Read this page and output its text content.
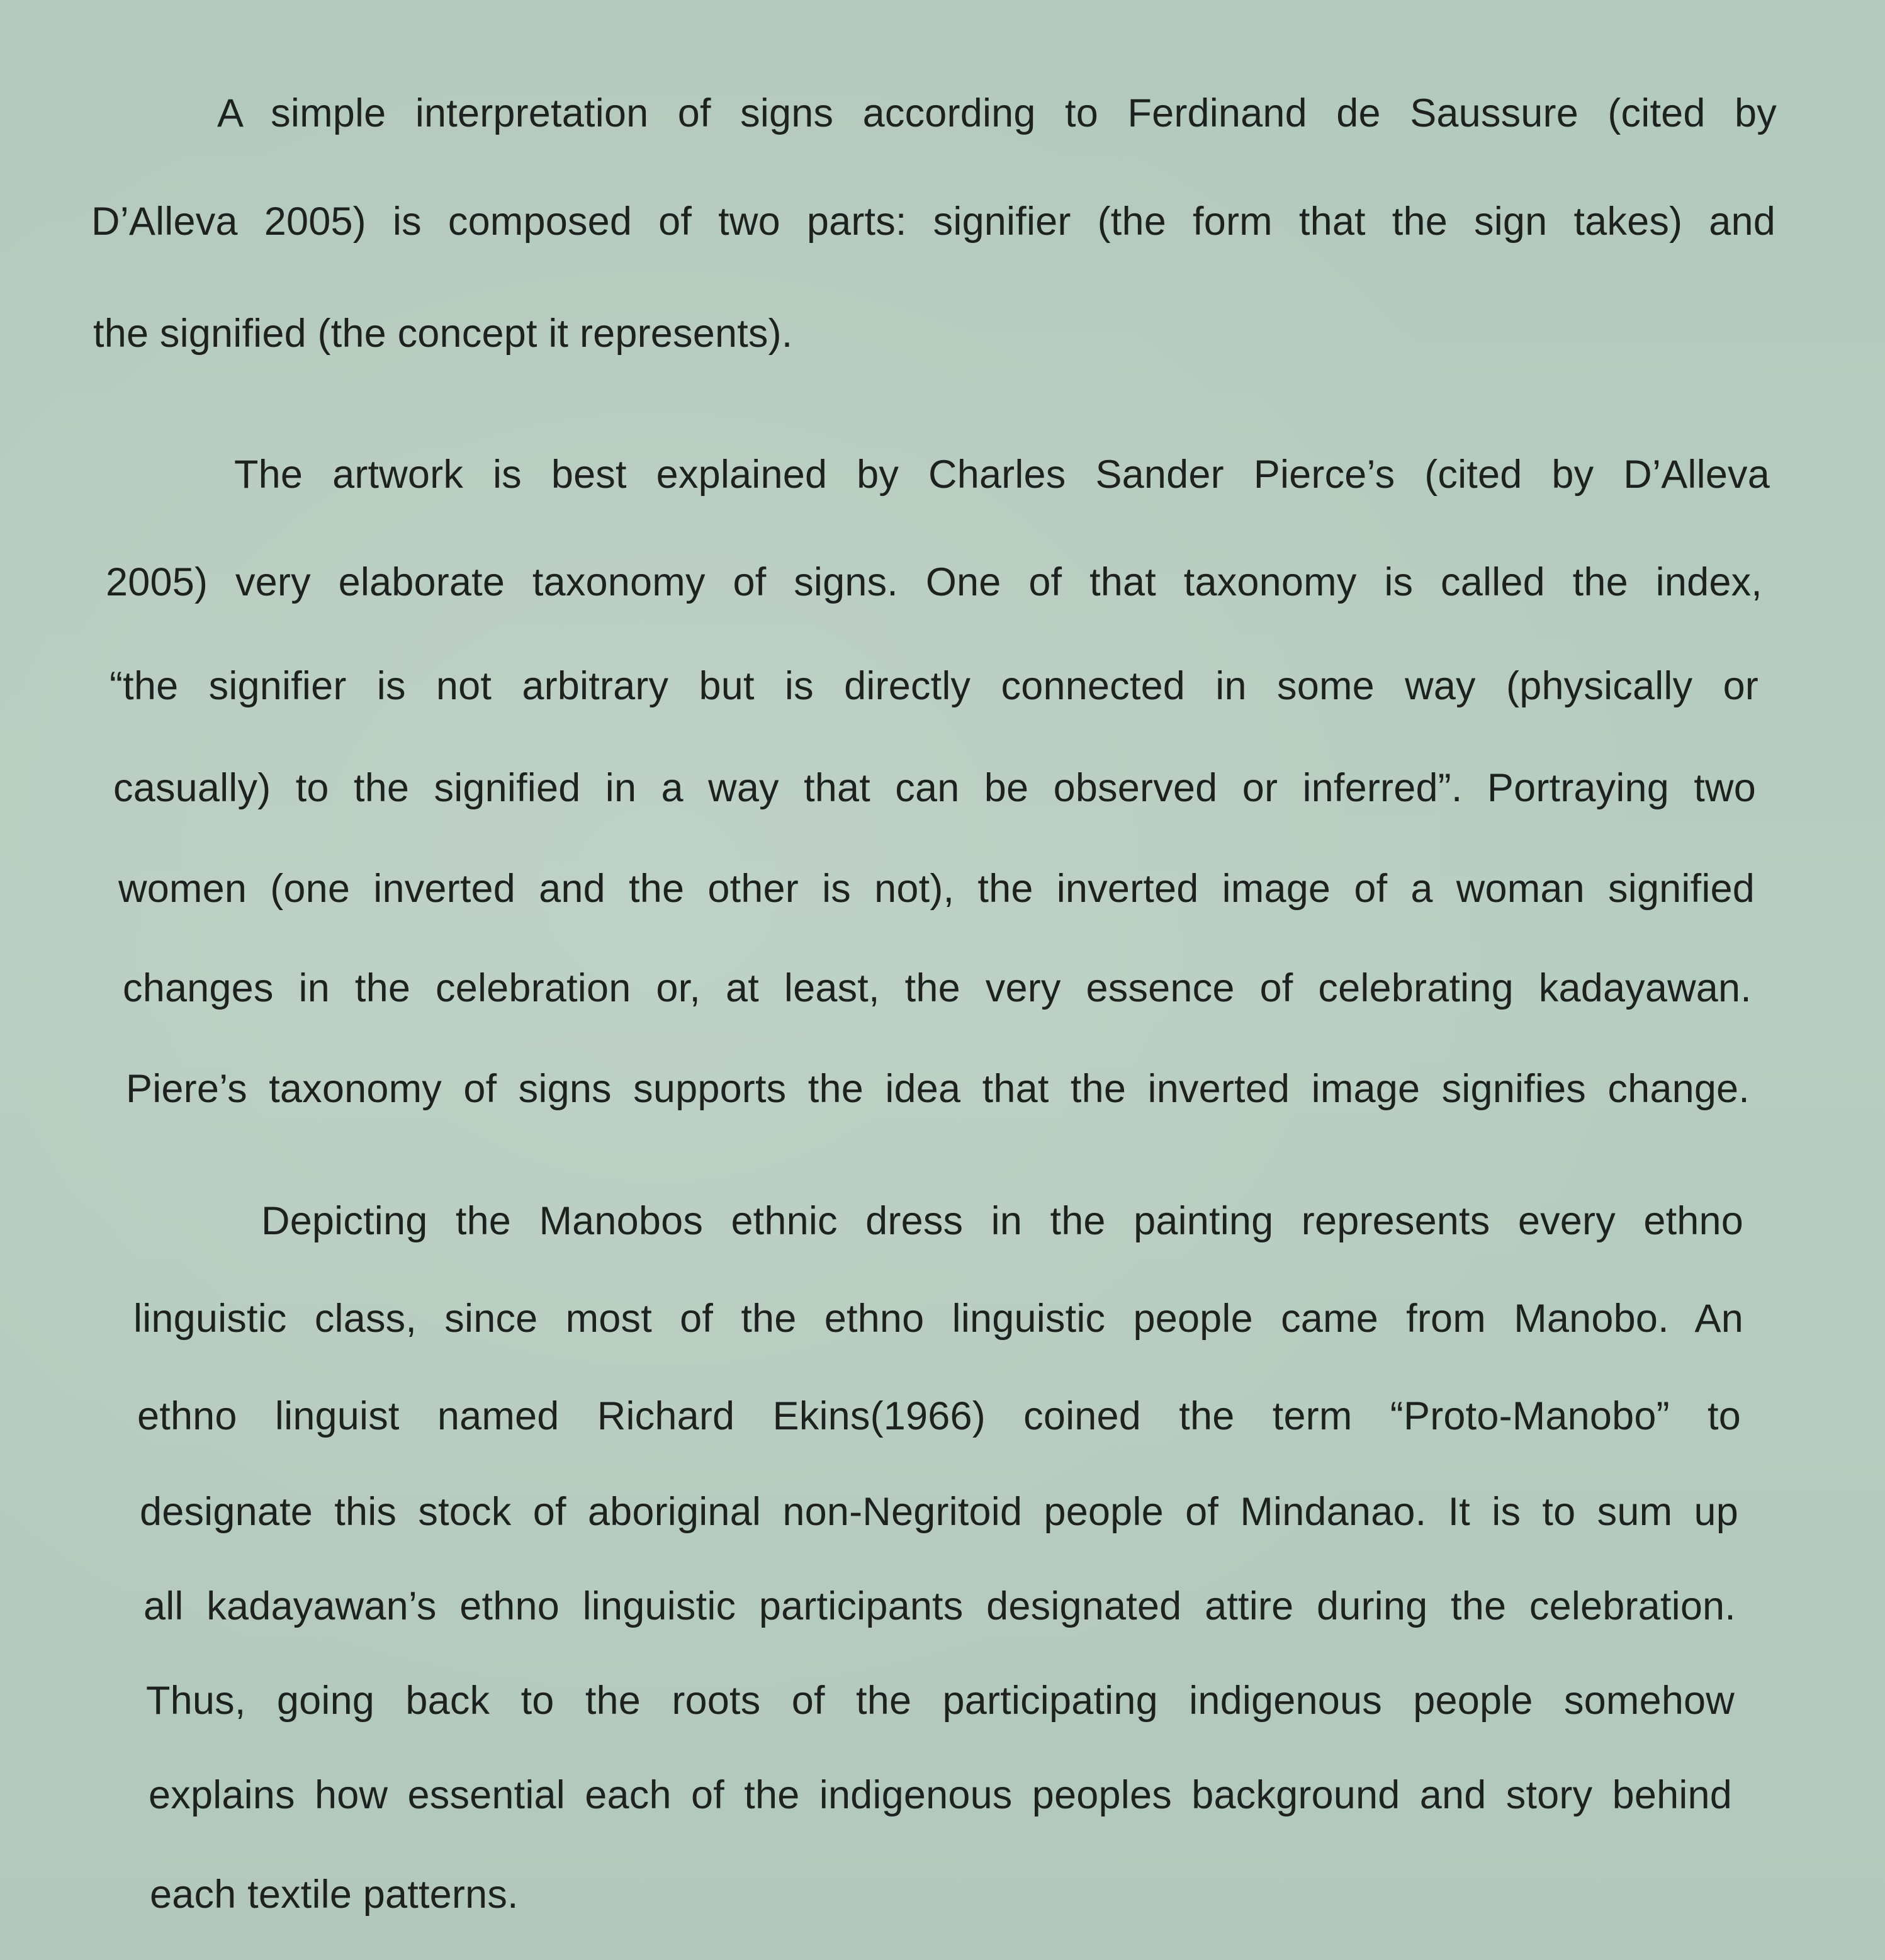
A simple interpretation of signs according to Ferdinand de Saussure (cited by
D’Alleva 2005) is composed of two parts: signifier (the form that the sign takes) and
the signified (the concept it represents).
The artwork is best explained by Charles Sander Pierce’s (cited by D’Alleva
2005) very elaborate taxonomy of signs. One of that taxonomy is called the index,
“the signifier is not arbitrary but is directly connected in some way (physically or
casually) to the signified in a way that can be observed or inferred”. Portraying two
women (one inverted and the other is not), the inverted image of a woman signified
changes in the celebration or, at least, the very essence of celebrating kadayawan.
Piere’s taxonomy of signs supports the idea that the inverted image signifies change.
Depicting the Manobos ethnic dress in the painting represents every ethno
linguistic class, since most of the ethno linguistic people came from Manobo. An
ethno linguist named Richard Ekins(1966) coined the term “Proto-Manobo” to
designate this stock of aboriginal non-Negritoid people of Mindanao. It is to sum up
all kadayawan’s ethno linguistic participants designated attire during the celebration.
Thus, going back to the roots of the participating indigenous people somehow
explains how essential each of the indigenous peoples background and story behind
each textile patterns.
